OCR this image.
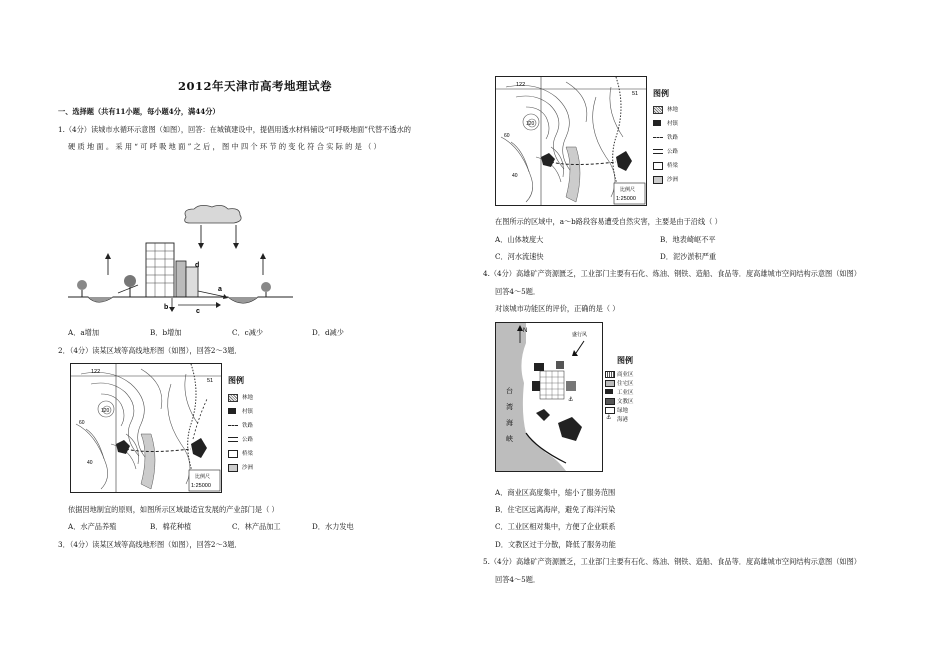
2012年天津市高考地理试卷
一、选择题（共有11小题，每小题4分，满44分）
1.（4分）读城市水循环示意图（如图），回答：在城镇建设中，提倡用透水材料铺设“可呼吸地面”代替不透水的
硬 质 地 面 。 采 用 “ 可 呼 吸 地 面 ” 之 后 ， 图 中 四 个 环 节 的 变 化 符 合 实 际 的 是 （ ）
a
b
c
d
A．a增加	B．b增加	C．c减少	D．d减少
2．（4分）读某区域等高线地形图（如图），回答2～3题．
122
51
120
60
40
比例尺
1:25000
图例
林地
村镇
铁路
公路
桥梁
沙洲
依据因地制宜的原则，如图所示区域最适宜发展的产业部门是（ ）
A．水产品养殖	B．棉花种植	C．林产品加工	D．水力发电
3．（4分）读某区域等高线地形图（如图），回答2～3题．
122
51
120
60
40
比例尺
1:25000
图例
林地
村镇
铁路
公路
桥梁
沙洲
在图所示的区域中，a～b路段容易遭受自然灾害，主要是由于沿线（ ）
A．山体坡度大	B．地表崎岖不平
C．河水流速快	D．泥沙淤积严重
4.（4分）高雄矿产资源匮乏，工业部门主要有石化、炼油、钢铁、造船、食品等．度高雄城市空间结构示意图（如图）
回答4～5题．
对该城市功能区的评价，正确的是（ ）
台
湾
海
峡
N
盛行风
⚓
图例
商业区
住宅区
工业区
文教区
绿地
⚓ 海港
A．商业区高度集中，缩小了服务范围
B．住宅区远离海岸，避免了海洋污染
C．工业区相对集中，方便了企业联系
D．文教区过于分散，降低了服务功能
5.（4分）高雄矿产资源匮乏，工业部门主要有石化、炼油、钢铁、造船、食品等．度高雄城市空间结构示意图（如图）
回答4～5题．
